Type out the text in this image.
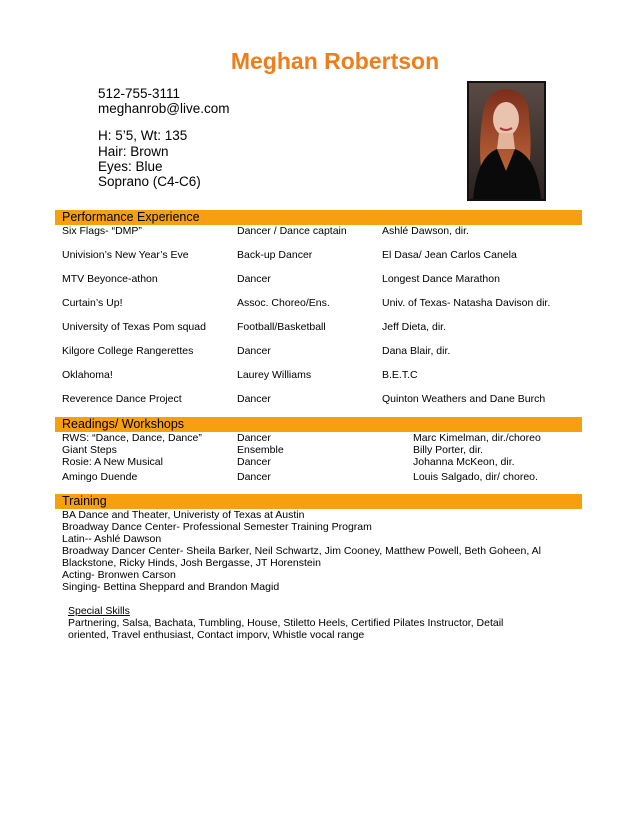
Meghan Robertson
512-755-3111
meghanrob@live.com
H: 5’5, Wt: 135
Hair: Brown
Eyes: Blue
Soprano (C4-C6)
Performance Experience
Six Flags- “DMP”	Dancer / Dance captain	Ashlé Dawson, dir.
Univision’s New Year’s Eve	Back-up Dancer	El Dasa/ Jean Carlos Canela
MTV Beyonce-athon	Dancer	Longest Dance Marathon
Curtain’s Up!	Assoc. Choreo/Ens.	Univ. of Texas- Natasha Davison dir.
University of Texas Pom squad	Football/Basketball	Jeff Dieta, dir.
Kilgore College Rangerettes	Dancer	Dana Blair, dir.
Oklahoma!	Laurey Williams	B.E.T.C
Reverence Dance Project	Dancer	Quinton Weathers and Dane Burch
Readings/ Workshops
RWS: “Dance, Dance, Dance”	Dancer	Marc Kimelman, dir./choreo
Giant Steps	Ensemble	Billy Porter, dir.
Rosie: A New Musical	Dancer	Johanna McKeon, dir.
Amingo Duende	Dancer	Louis Salgado, dir/ choreo.
Training
BA Dance and Theater, Univeristy of Texas at Austin
Broadway Dance Center- Professional Semester Training Program
Latin-- Ashlé Dawson
Broadway Dancer Center- Sheila Barker, Neil Schwartz, Jim Cooney, Matthew Powell, Beth Goheen, Al
Blackstone, Ricky Hinds, Josh Bergasse, JT Horenstein
Acting- Bronwen Carson
Singing- Bettina Sheppard and Brandon Magid
Special Skills
Partnering, Salsa, Bachata, Tumbling, House, Stiletto Heels, Certified Pilates Instructor, Detail
oriented, Travel enthusiast, Contact imporv, Whistle vocal range
